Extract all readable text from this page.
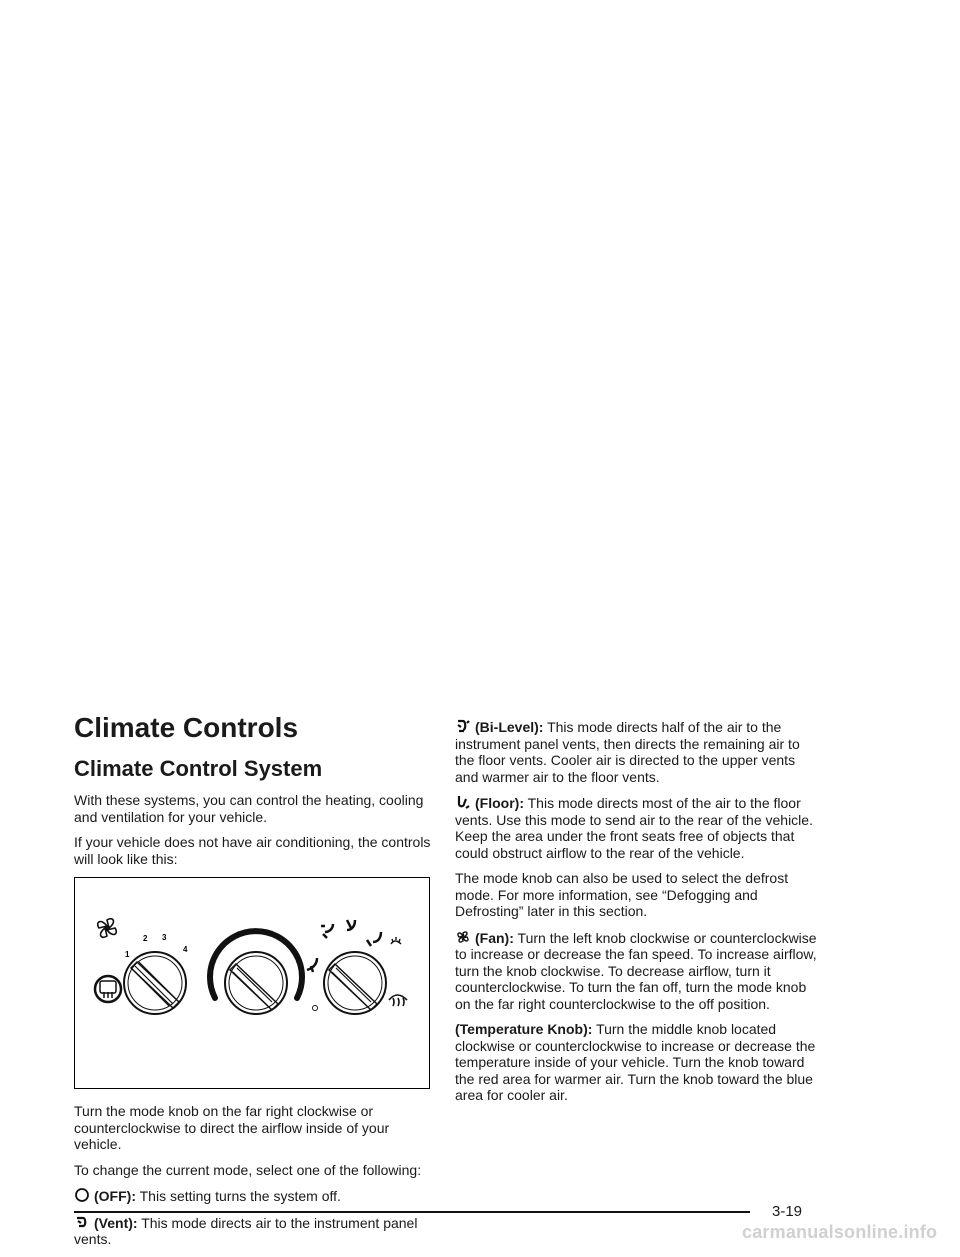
Climate Controls
Climate Control System

With these systems, you can control the heating, cooling and ventilation for your vehicle.

If your vehicle does not have air conditioning, the controls will look like this:

1
2 3
4

Turn the mode knob on the far right clockwise or counterclockwise to direct the airflow inside of your vehicle.

To change the current mode, select one of the following:

(OFF): This setting turns the system off.

(Vent): This mode directs air to the instrument panel vents.

(Bi-Level): This mode directs half of the air to the instrument panel vents, then directs the remaining air to the floor vents. Cooler air is directed to the upper vents and warmer air to the floor vents.

(Floor): This mode directs most of the air to the floor vents. Use this mode to send air to the rear of the vehicle. Keep the area under the front seats free of objects that could obstruct airflow to the rear of the vehicle.

The mode knob can also be used to select the defrost mode. For more information, see “Defogging and Defrosting” later in this section.

(Fan): Turn the left knob clockwise or counterclockwise to increase or decrease the fan speed. To increase airflow, turn the knob clockwise. To decrease airflow, turn it counterclockwise. To turn the fan off, turn the mode knob on the far right counterclockwise to the off position.

(Temperature Knob): Turn the middle knob located clockwise or counterclockwise to increase or decrease the temperature inside of your vehicle. Turn the knob toward the red area for warmer air. Turn the knob toward the blue area for cooler air.

3-19
carmanualsonline.info
